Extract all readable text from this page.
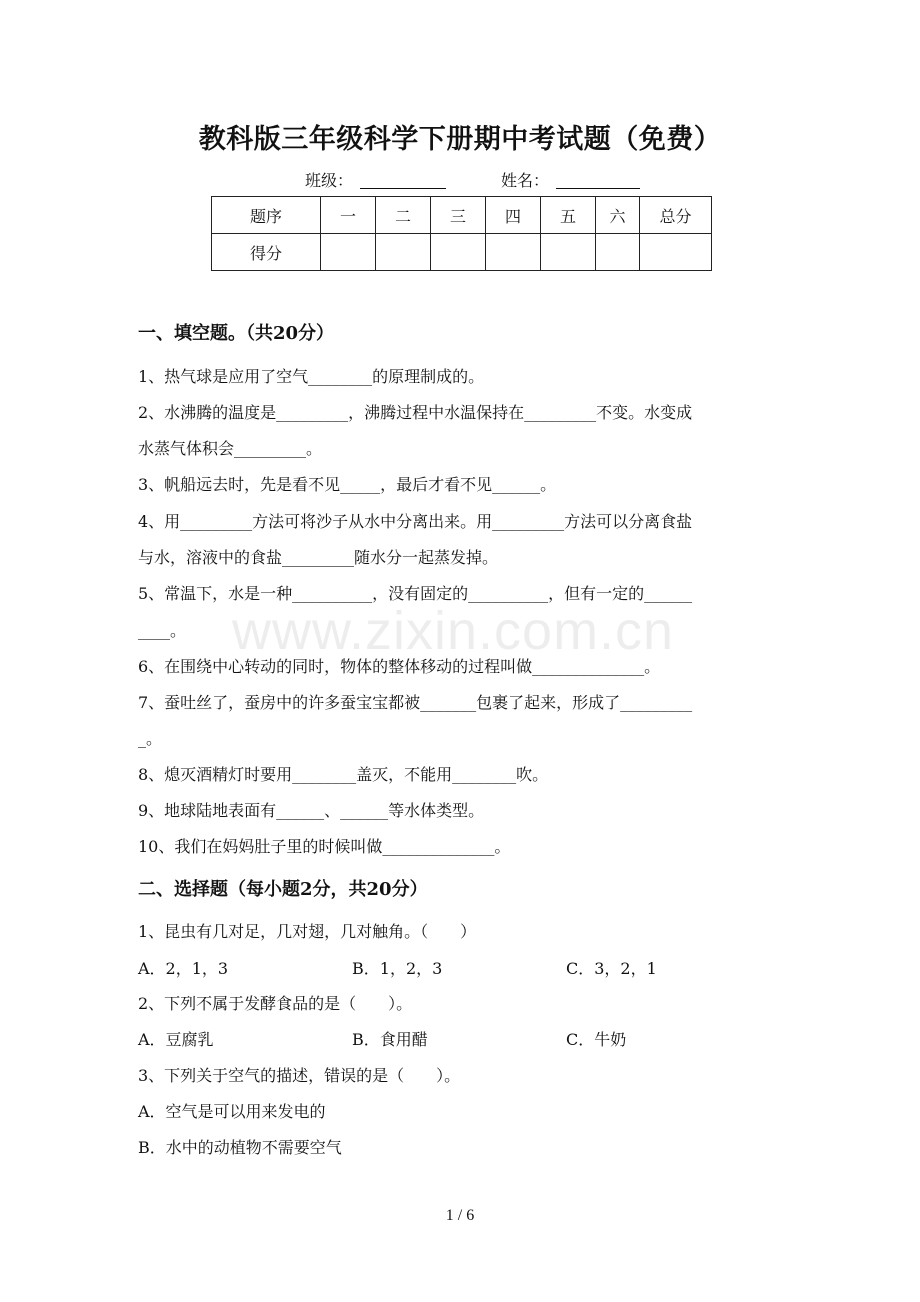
教科版三年级科学下册期中考试题（免费）
班级：	姓名：
题序	一	二	三	四	五	六	总分
得分							
一、填空题。（共20分）
1、热气球是应用了空气________的原理制成的。
2、水沸腾的温度是_________，沸腾过程中水温保持在_________不变。水变成
水蒸气体积会_________。
3、帆船远去时，先是看不见_____，最后才看不见______。
4、用_________方法可将沙子从水中分离出来。用_________方法可以分离食盐
与水，溶液中的食盐_________随水分一起蒸发掉。
5、常温下，水是一种__________，没有固定的__________，但有一定的______
____。
6、在围绕中心转动的同时，物体的整体移动的过程叫做______________。
7、蚕吐丝了，蚕房中的许多蚕宝宝都被_______包裹了起来，形成了_________
_。
8、熄灭酒精灯时要用________盖灭，不能用________吹。
9、地球陆地表面有______、______等水体类型。
10、我们在妈妈肚子里的时候叫做______________。
二、选择题（每小题2分，共20分）
1、昆虫有几对足，几对翅，几对触角。（　　）
A．2，1，3	B．1，2，3	C．3，2，1
2、下列不属于发酵食品的是（　　）。
A．豆腐乳	B．食用醋	C．牛奶
3、下列关于空气的描述，错误的是（　　）。
A．空气是可以用来发电的
B．水中的动植物不需要空气
www.zixin.com.cn
1 / 6
